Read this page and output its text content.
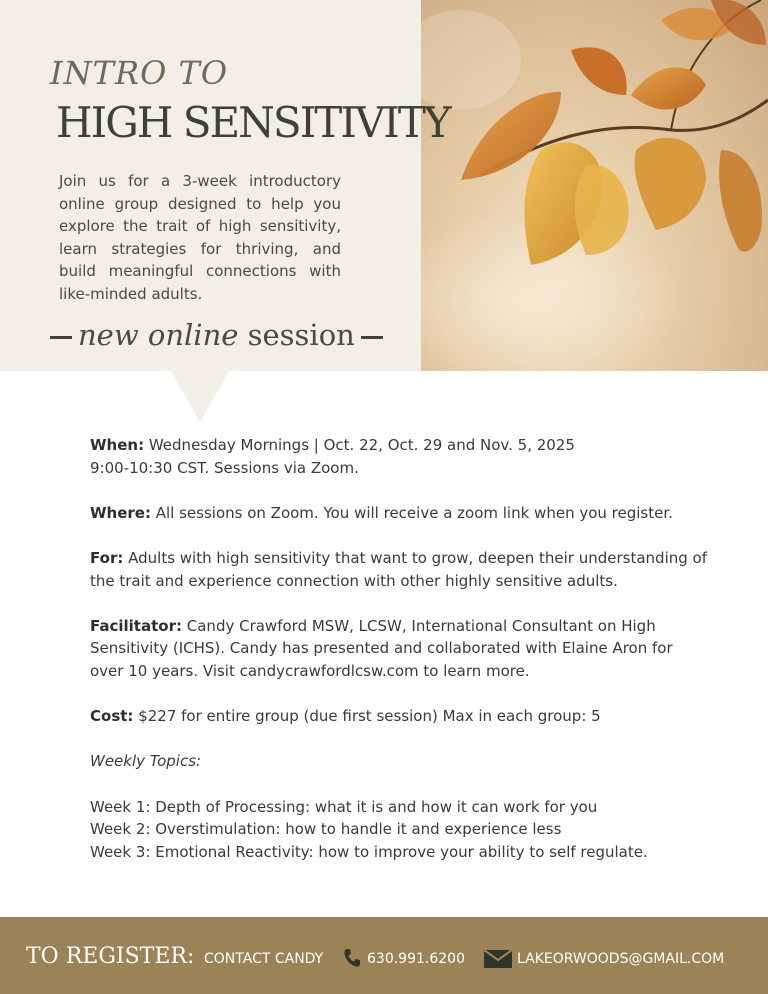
INTRO TO
HIGH SENSITIVITY
Join us for a 3-week introductory online group designed to help you explore the trait of high sensitivity, learn strategies for thriving, and build meaningful connections with like-minded adults.
new online session

When: Wednesday Mornings | Oct. 22, Oct. 29 and Nov. 5, 2025
9:00-10:30 CST. Sessions via Zoom.

Where: All sessions on Zoom. You will receive a zoom link when you register.

For: Adults with high sensitivity that want to grow, deepen their understanding of the trait and experience connection with other highly sensitive adults.

Facilitator: Candy Crawford MSW, LCSW, International Consultant on High Sensitivity (ICHS). Candy has presented and collaborated with Elaine Aron for over 10 years. Visit candycrawfordlcsw.com to learn more.

Cost: $227 for entire group (due first session) Max in each group: 5

Weekly Topics:

Week 1: Depth of Processing: what it is and how it can work for you

Week 2: Overstimulation: how to handle it and experience less

Week 3: Emotional Reactivity: how to improve your ability to self regulate.

TO REGISTER: CONTACT CANDY	630.991.6200	LAKEORWOODS@GMAIL.COM
